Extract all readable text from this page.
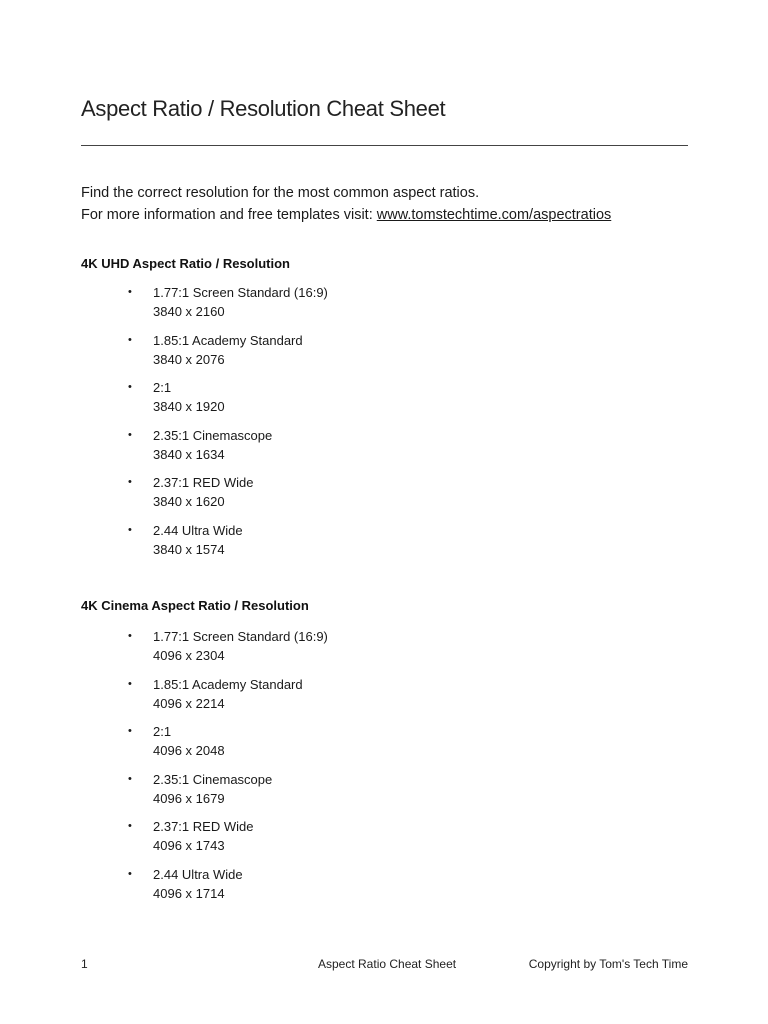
Aspect Ratio / Resolution Cheat Sheet
Find the correct resolution for the most common aspect ratios.
For more information and free templates visit: www.tomstechtime.com/aspectratios
4K UHD Aspect Ratio / Resolution
• 1.77:1 Screen Standard (16:9)
3840 x 2160
• 1.85:1 Academy Standard
3840 x 2076
• 2:1
3840 x 1920
• 2.35:1 Cinemascope
3840 x 1634
• 2.37:1 RED Wide
3840 x 1620
• 2.44 Ultra Wide
3840 x 1574
4K Cinema Aspect Ratio / Resolution
• 1.77:1 Screen Standard (16:9)
4096 x 2304
• 1.85:1 Academy Standard
4096 x 2214
• 2:1
4096 x 2048
• 2.35:1 Cinemascope
4096 x 1679
• 2.37:1 RED Wide
4096 x 1743
• 2.44 Ultra Wide
4096 x 1714
1	Aspect Ratio Cheat Sheet	Copyright by Tom's Tech Time
